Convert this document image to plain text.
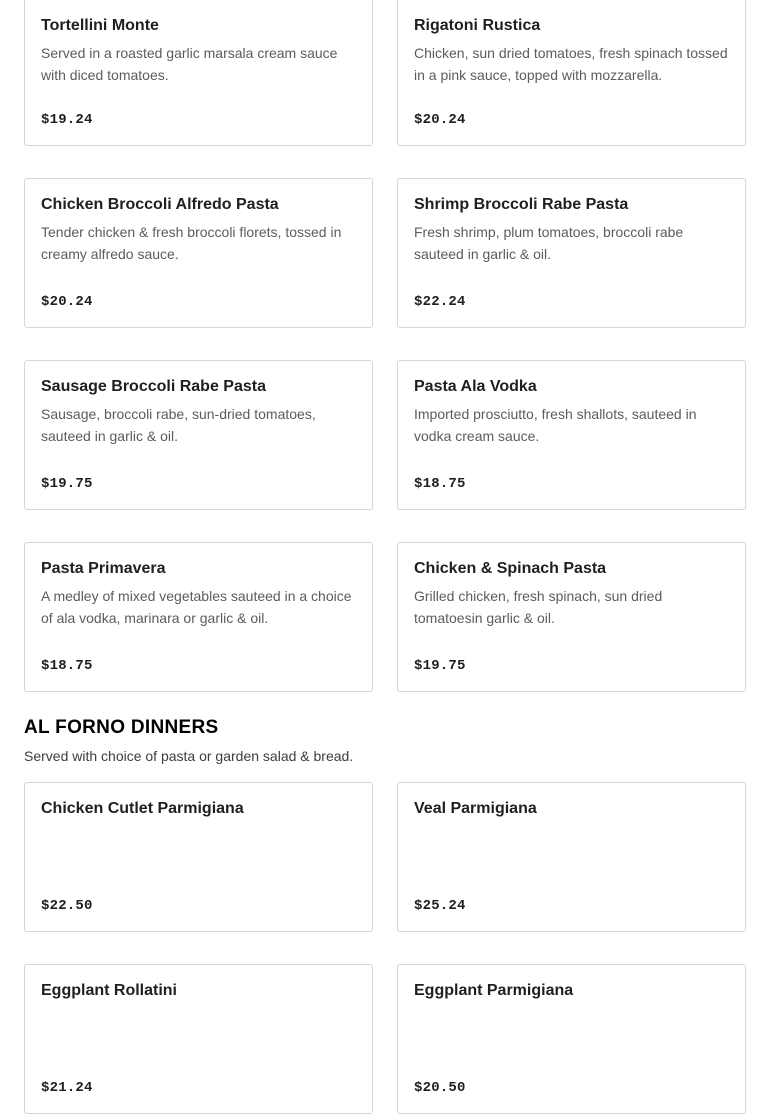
Tortellini Monte
Served in a roasted garlic marsala cream sauce with diced tomatoes.
$19.24
Rigatoni Rustica
Chicken, sun dried tomatoes, fresh spinach tossed in a pink sauce, topped with mozzarella.
$20.24
Chicken Broccoli Alfredo Pasta
Tender chicken & fresh broccoli florets, tossed in creamy alfredo sauce.
$20.24
Shrimp Broccoli Rabe Pasta
Fresh shrimp, plum tomatoes, broccoli rabe sauteed in garlic & oil.
$22.24
Sausage Broccoli Rabe Pasta
Sausage, broccoli rabe, sun-dried tomatoes, sauteed in garlic & oil.
$19.75
Pasta Ala Vodka
Imported prosciutto, fresh shallots, sauteed in vodka cream sauce.
$18.75
Pasta Primavera
A medley of mixed vegetables sauteed in a choice of ala vodka, marinara or garlic & oil.
$18.75
Chicken & Spinach Pasta
Grilled chicken, fresh spinach, sun dried tomatoesin garlic & oil.
$19.75
AL FORNO DINNERS
Served with choice of pasta or garden salad & bread.
Chicken Cutlet Parmigiana
$22.50
Veal Parmigiana
$25.24
Eggplant Rollatini
$21.24
Eggplant Parmigiana
$20.50
